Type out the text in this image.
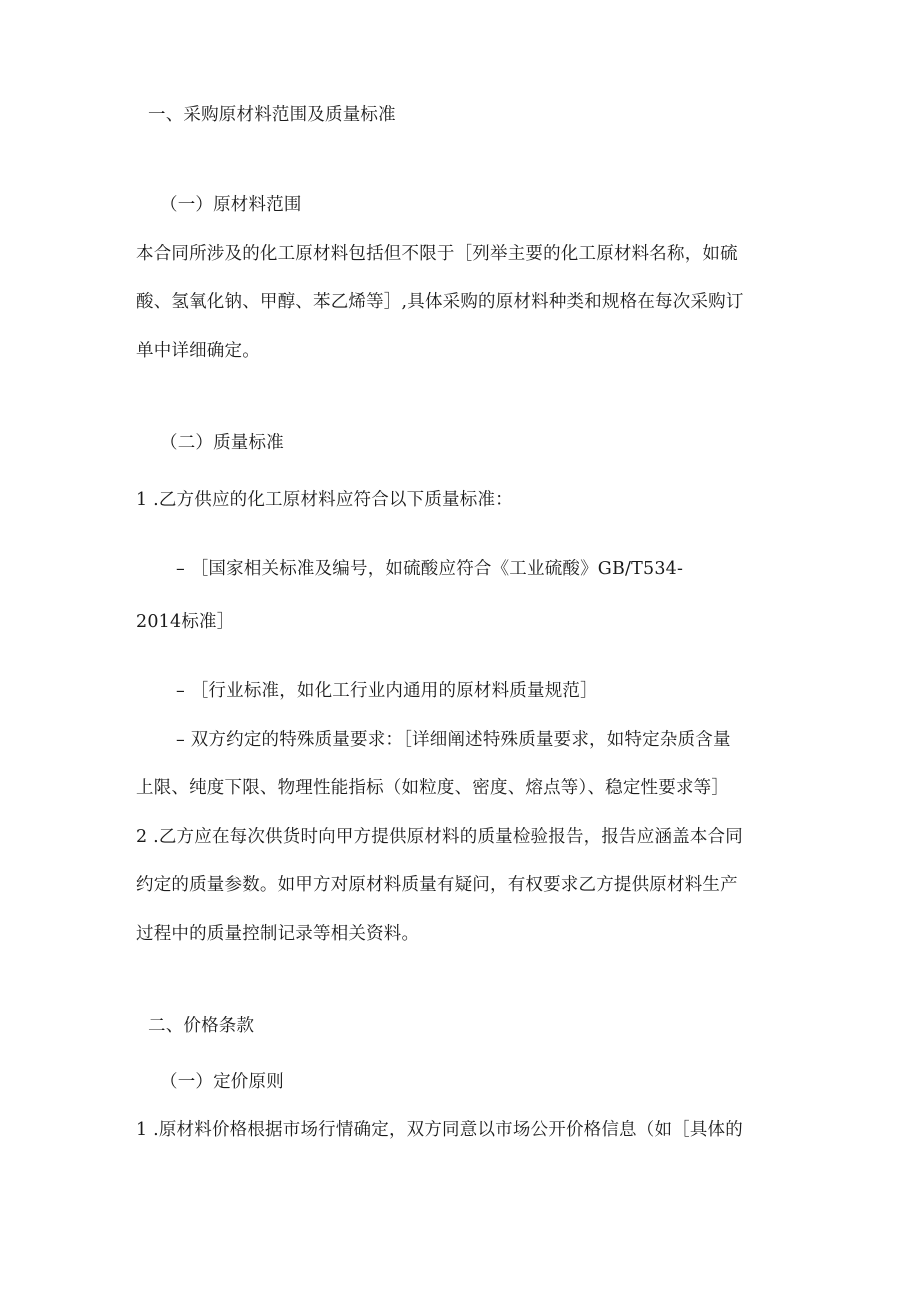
一、采购原材料范围及质量标准

（一）原材料范围

本合同所涉及的化工原材料包括但不限于［列举主要的化工原材料名称，如硫

酸、氢氧化钠、甲醇、苯乙烯等］,具体采购的原材料种类和规格在每次采购订

单中详细确定。

（二）质量标准

1 .乙方供应的化工原材料应符合以下质量标准：

– ［国家相关标准及编号，如硫酸应符合《工业硫酸》GB/T534-

2014标准］

– ［行业标准，如化工行业内通用的原材料质量规范］

– 双方约定的特殊质量要求：［详细阐述特殊质量要求，如特定杂质含量

上限、纯度下限、物理性能指标（如粒度、密度、熔点等）、稳定性要求等］

2 .乙方应在每次供货时向甲方提供原材料的质量检验报告，报告应涵盖本合同

约定的质量参数。如甲方对原材料质量有疑问，有权要求乙方提供原材料生产

过程中的质量控制记录等相关资料。

二、价格条款

（一）定价原则

1 .原材料价格根据市场行情确定，双方同意以市场公开价格信息（如［具体的
